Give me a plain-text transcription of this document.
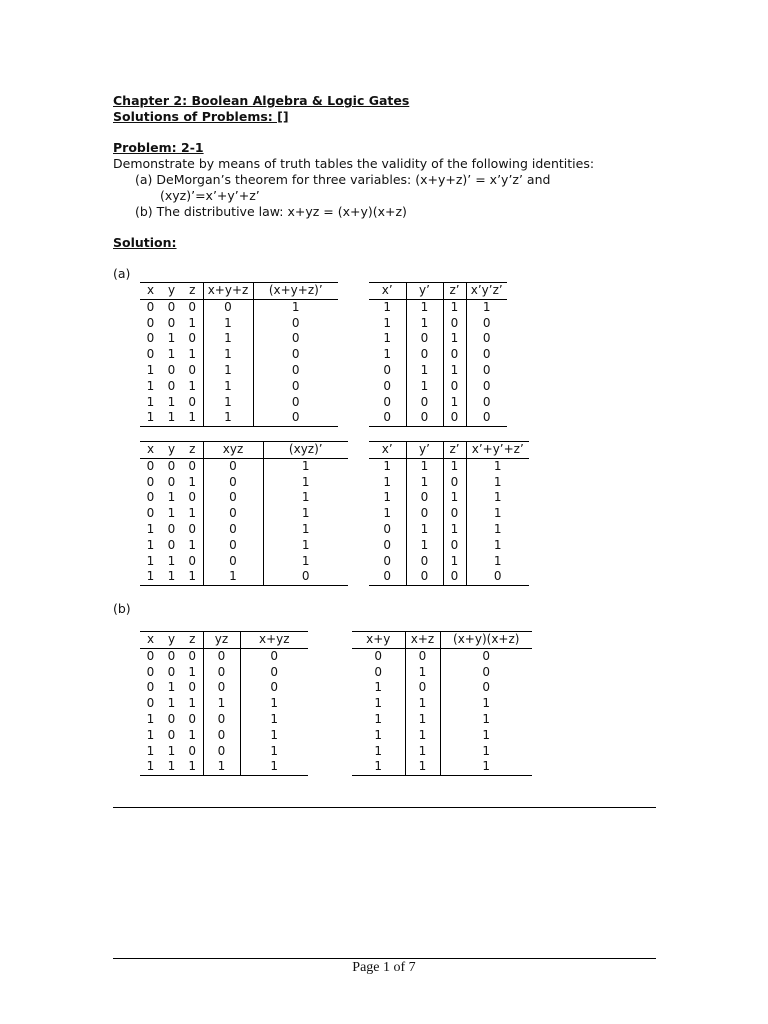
Chapter 2: Boolean Algebra & Logic Gates
Solutions of Problems: []
Problem: 2-1
Demonstrate by means of truth tables the validity of the following identities:
(a) DeMorgan’s theorem for three variables: (x+y+z)’ = x’y’z’ and
(xyz)’=x’+y’+z’
(b) The distributive law: x+yz = (x+y)(x+z)
Solution:
(a)
(b)
x	y	z	x+y+z	(x+y+z)’
0	0	0	0	1
0	0	1	1	0
0	1	0	1	0
0	1	1	1	0
1	0	0	1	0
1	0	1	1	0
1	1	0	1	0
1	1	1	1	0
x’	y’	z’	x’y’z’
1	1	1	1
1	1	0	0
1	0	1	0
1	0	0	0
0	1	1	0
0	1	0	0
0	0	1	0
0	0	0	0
x	y	z	xyz	(xyz)’
0	0	0	0	1
0	0	1	0	1
0	1	0	0	1
0	1	1	0	1
1	0	0	0	1
1	0	1	0	1
1	1	0	0	1
1	1	1	1	0
x’	y’	z’	x’+y’+z’
1	1	1	1
1	1	0	1
1	0	1	1
1	0	0	1
0	1	1	1
0	1	0	1
0	0	1	1
0	0	0	0
x	y	z	yz	x+yz
0	0	0	0	0
0	0	1	0	0
0	1	0	0	0
0	1	1	1	1
1	0	0	0	1
1	0	1	0	1
1	1	0	0	1
1	1	1	1	1
x+y	x+z	(x+y)(x+z)
0	0	0
0	1	0
1	0	0
1	1	1
1	1	1
1	1	1
1	1	1
1	1	1
Page 1 of 7
